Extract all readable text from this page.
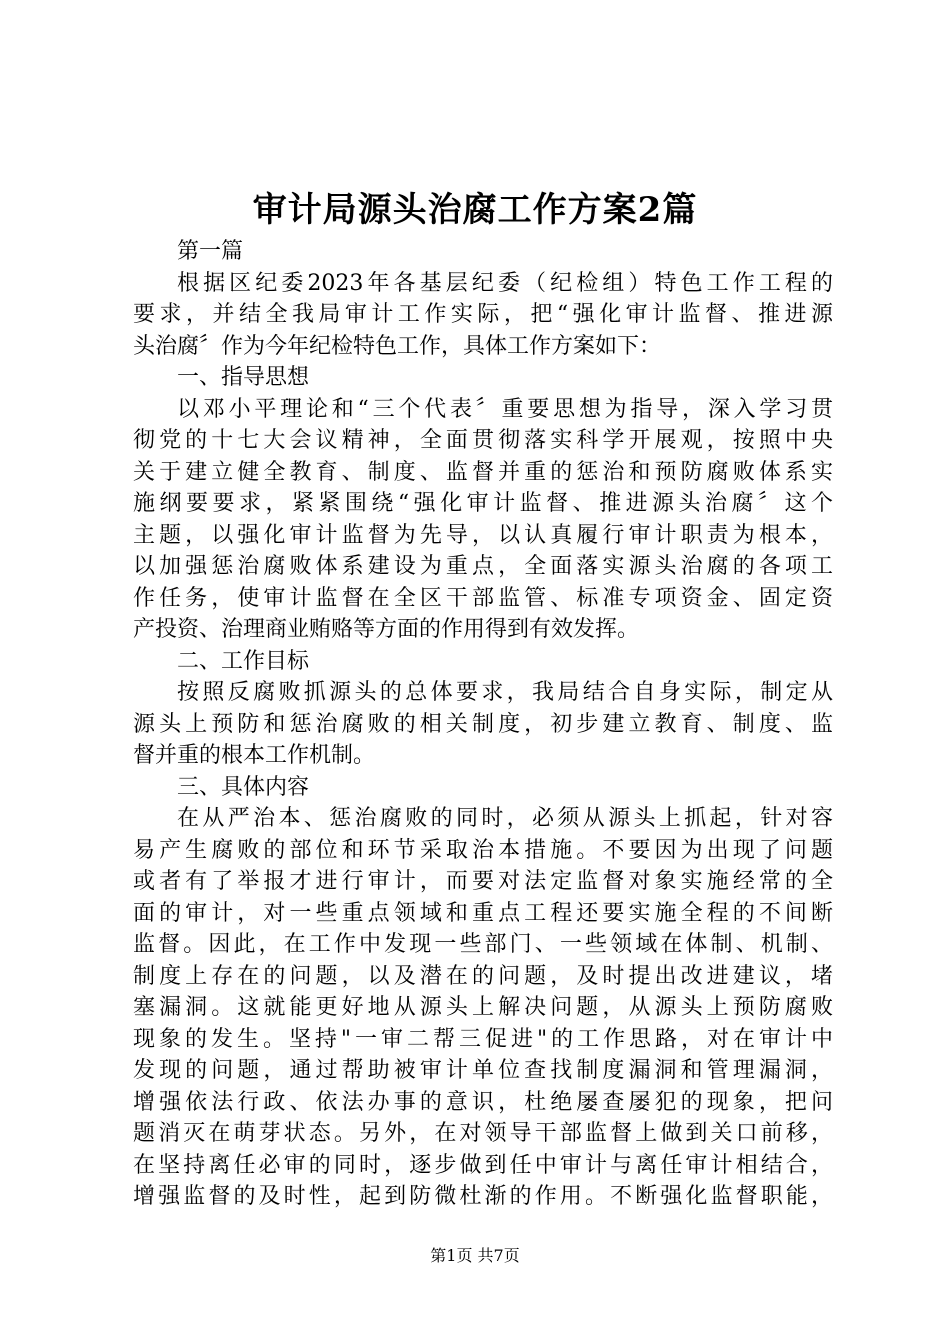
审计局源头治腐工作方案2篇
第一篇
根据区纪委2023年各基层纪委（纪检组）特色工作工程的
要求，并结全我局审计工作实际，把“强化审计监督、推进源
头治腐〞作为今年纪检特色工作，具体工作方案如下：
一、指导思想
以邓小平理论和“三个代表〞重要思想为指导，深入学习贯
彻党的十七大会议精神，全面贯彻落实科学开展观，按照中央
关于建立健全教育、制度、监督并重的惩治和预防腐败体系实
施纲要要求，紧紧围绕“强化审计监督、推进源头治腐〞这个
主题，以强化审计监督为先导，以认真履行审计职责为根本，
以加强惩治腐败体系建设为重点，全面落实源头治腐的各项工
作任务，使审计监督在全区干部监管、标准专项资金、固定资
产投资、治理商业贿赂等方面的作用得到有效发挥。
二、工作目标
按照反腐败抓源头的总体要求，我局结合自身实际，制定从
源头上预防和惩治腐败的相关制度，初步建立教育、制度、监
督并重的根本工作机制。
三、具体内容
在从严治本、惩治腐败的同时，必须从源头上抓起，针对容
易产生腐败的部位和环节采取治本措施。不要因为出现了问题
或者有了举报才进行审计，而要对法定监督对象实施经常的全
面的审计，对一些重点领域和重点工程还要实施全程的不间断
监督。因此，在工作中发现一些部门、一些领域在体制、机制、
制度上存在的问题，以及潜在的问题，及时提出改进建议，堵
塞漏洞。这就能更好地从源头上解决问题，从源头上预防腐败
现象的发生。坚持"一审二帮三促进"的工作思路，对在审计中
发现的问题，通过帮助被审计单位查找制度漏洞和管理漏洞，
增强依法行政、依法办事的意识，杜绝屡查屡犯的现象，把问
题消灭在萌芽状态。另外，在对领导干部监督上做到关口前移，
在坚持离任必审的同时，逐步做到任中审计与离任审计相结合，
增强监督的及时性，起到防微杜渐的作用。不断强化监督职能，
第1页 共7页
